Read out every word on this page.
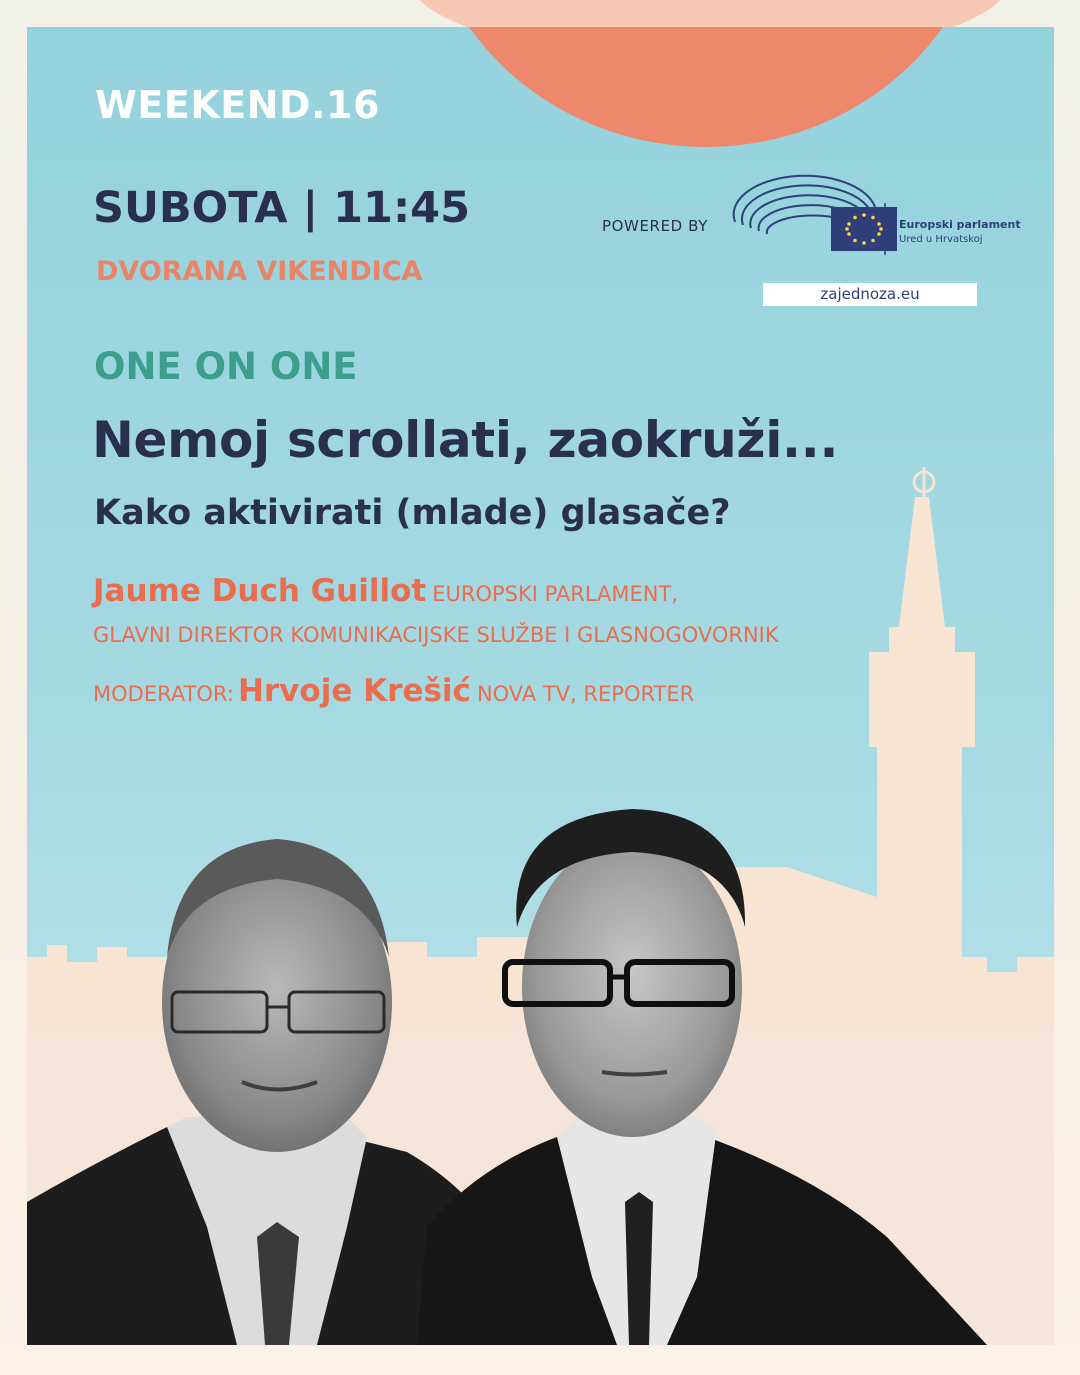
WEEKEND.16

SUBOTA | 11:45

DVORANA VIKENDICA

POWERED BY	Europski parlament

Ured u Hrvatskoj

zajednoza.eu

ONE ON ONE

Nemoj scrollati, zaokruži...

Kako aktivirati (mlade) glasače?

Jaume Duch Guillot EUROPSKI PARLAMENT,

GLAVNI DIREKTOR KOMUNIKACIJSKE SLUŽBE I GLASNOGOVORNIK

MODERATOR: Hrvoje Krešić NOVA TV, REPORTER
